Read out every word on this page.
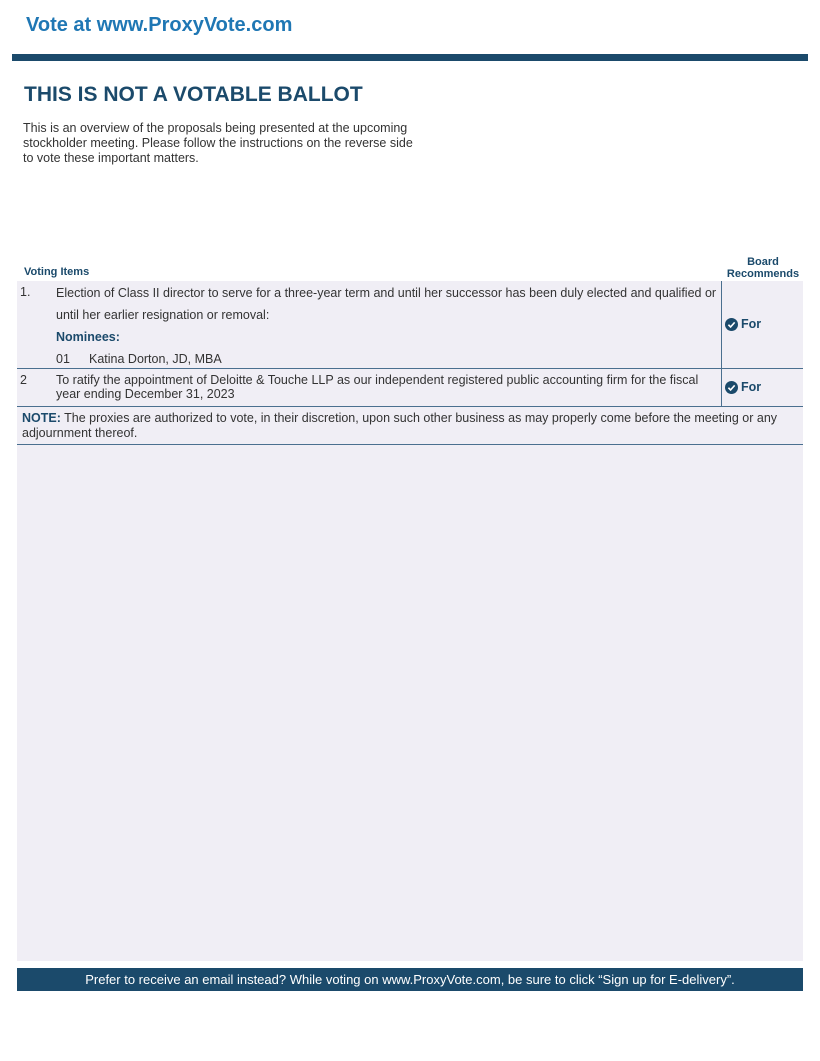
Vote at www.ProxyVote.com
THIS IS NOT A VOTABLE BALLOT
This is an overview of the proposals being presented at the upcoming stockholder meeting. Please follow the instructions on the reverse side to vote these important matters.
Voting Items
Board
Recommends
1. Election of Class II director to serve for a three-year term and until her successor has been duly elected and qualified or until her earlier resignation or removal:
Nominees:
01 Katina Dorton, JD, MBA
For
2 To ratify the appointment of Deloitte & Touche LLP as our independent registered public accounting firm for the fiscal year ending December 31, 2023	For
NOTE: The proxies are authorized to vote, in their discretion, upon such other business as may properly come before the meeting or any adjournment thereof.
Prefer to receive an email instead? While voting on www.ProxyVote.com, be sure to click “Sign up for E-delivery”.
